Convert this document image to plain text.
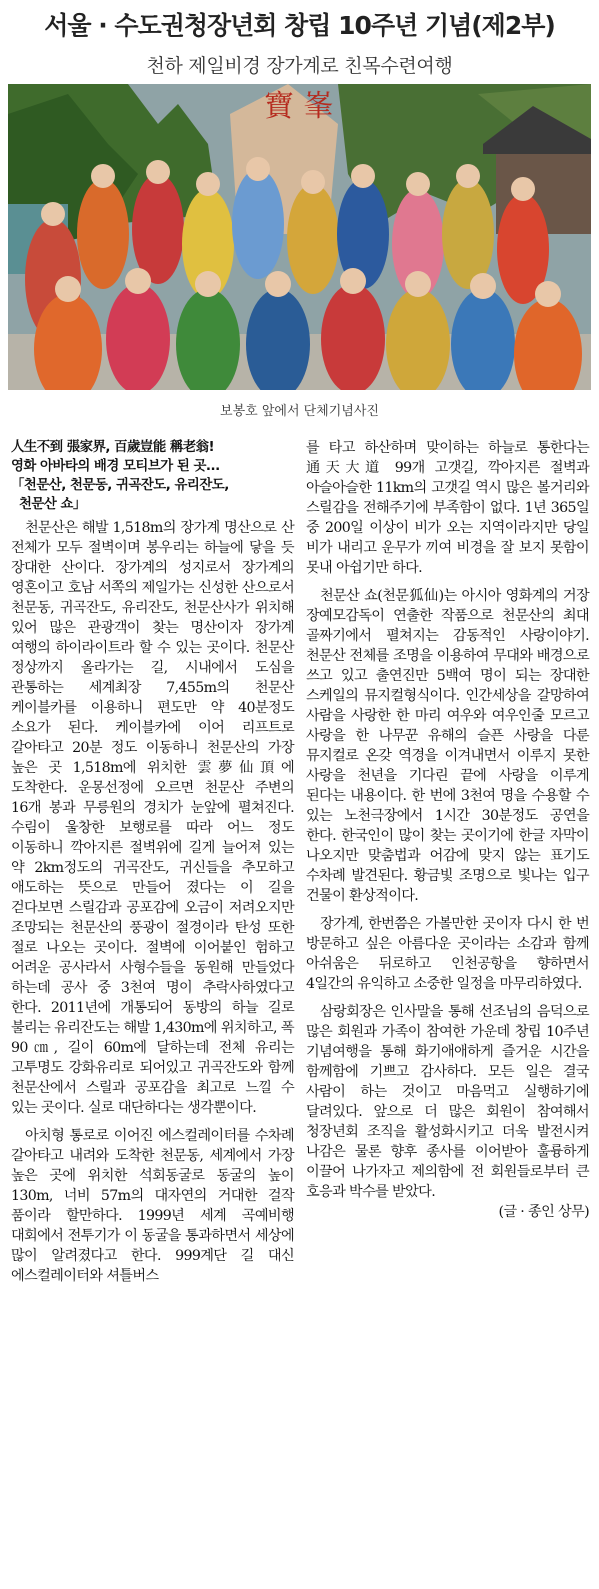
서울 · 수도권청장년회 창립 10주년 기념(제2부)
천하 제일비경 장가계로 친목수련여행
寶 峯
보봉호 앞에서 단체기념사진
人生不到 張家界, 百歲豈能 稱老翁!
영화 아바타의 배경 모티브가 된 곳...
「천문산, 천문동, 귀곡잔도, 유리잔도,
천문산 쇼」

천문산은 해발 1,518m의 장가계 명산으로 산 전체가 모두 절벽이며 봉우리는 하늘에 닿을 듯 장대한 산이다. 장가계의 성지로서 장가계의 영혼이고 호남 서쪽의 제일가는 신성한 산으로서 천문동, 귀곡잔도, 유리잔도, 천문산사가 위치해 있어 많은 관광객이 찾는 명산이자 장가계 여행의 하이라이트라 할 수 있는 곳이다. 천문산 정상까지 올라가는 길, 시내에서 도심을 관통하는 세계최장 7,455m의 천문산 케이블카를 이용하니 편도만 약 40분정도 소요가 된다. 케이블카에 이어 리프트로 갈아타고 20분 정도 이동하니 천문산의 가장 높은 곳 1,518m에 위치한 雲夢仙頂에 도착한다. 운몽선정에 오르면 천문산 주변의 16개 봉과 무릉원의 경치가 눈앞에 펼쳐진다. 수림이 울창한 보행로를 따라 어느 정도 이동하니 깍아지른 절벽위에 길게 늘어져 있는 약 2km정도의 귀곡잔도, 귀신들을 추모하고 애도하는 뜻으로 만들어 졌다는 이 길을 걷다보면 스릴감과 공포감에 오금이 저려오지만 조망되는 천문산의 풍광이 절경이라 탄성 또한 절로 나오는 곳이다. 절벽에 이어붙인 험하고 어려운 공사라서 사형수들을 동원해 만들었다 하는데 공사 중 3천여 명이 추락사하였다고 한다. 2011년에 개통되어 동방의 하늘 길로 불리는 유리잔도는 해발 1,430m에 위치하고, 폭 90㎝, 길이 60m에 달하는데 전체 유리는 고투명도 강화유리로 되어있고 귀곡잔도와 함께 천문산에서 스릴과 공포감을 최고로 느낄 수 있는 곳이다. 실로 대단하다는 생각뿐이다.

아치형 통로로 이어진 에스컬레이터를 수차례 갈아타고 내려와 도착한 천문동, 세계에서 가장 높은 곳에 위치한 석회동굴로 동굴의 높이 130m, 너비 57m의 대자연의 거대한 걸작 품이라 할만하다. 1999년 세계 곡예비행 대회에서 전투기가 이 동굴을 통과하면서 세상에 많이 알려졌다고 한다. 999계단 길 대신 에스컬레이터와 셔틀버스

를 타고 하산하며 맞이하는 하늘로 통한다는 通天大道 99개 고갯길, 깍아지른 절벽과 아슬아슬한 11km의 고갯길 역시 많은 볼거리와 스릴감을 전해주기에 부족함이 없다. 1년 365일 중 200일 이상이 비가 오는 지역이라지만 당일 비가 내리고 운무가 끼여 비경을 잘 보지 못함이 못내 아쉽기만 하다.

천문산 쇼(천문狐仙)는 아시아 영화계의 거장 장예모감독이 연출한 작품으로 천문산의 최대 골짜기에서 펼쳐지는 감동적인 사랑이야기. 천문산 전체를 조명을 이용하여 무대와 배경으로 쓰고 있고 출연진만 5백여 명이 되는 장대한 스케일의 뮤지컬형식이다. 인간세상을 갈망하여 사람을 사랑한 한 마리 여우와 여우인줄 모르고 사랑을 한 나무꾼 유해의 슬픈 사랑을 다룬 뮤지컬로 온갖 역경을 이겨내면서 이루지 못한 사랑을 천년을 기다린 끝에 사랑을 이루게 된다는 내용이다. 한 번에 3천여 명을 수용할 수 있는 노천극장에서 1시간 30분정도 공연을 한다. 한국인이 많이 찾는 곳이기에 한글 자막이 나오지만 맞춤법과 어감에 맞지 않는 표기도 수차례 발견된다. 황금빛 조명으로 빛나는 입구 건물이 환상적이다.

장가계, 한번쯤은 가볼만한 곳이자 다시 한 번 방문하고 싶은 아름다운 곳이라는 소감과 함께 아쉬움은 뒤로하고 인천공항을 향하면서 4일간의 유익하고 소중한 일정을 마무리하였다.

삼랑회장은 인사말을 통해 선조님의 음덕으로 많은 회원과 가족이 참여한 가운데 창립 10주년 기념여행을 통해 화기애애하게 즐거운 시간을 함께함에 기쁘고 감사하다. 모든 일은 결국 사람이 하는 것이고 마음먹고 실행하기에 달려있다. 앞으로 더 많은 회원이 참여해서 청장년회 조직을 활성화시키고 더욱 발전시켜 나감은 물론 향후 종사를 이어받아 훌륭하게 이끌어 나가자고 제의함에 전 회원들로부터 큰 호응과 박수를 받았다.

(글 · 종인 상무)
